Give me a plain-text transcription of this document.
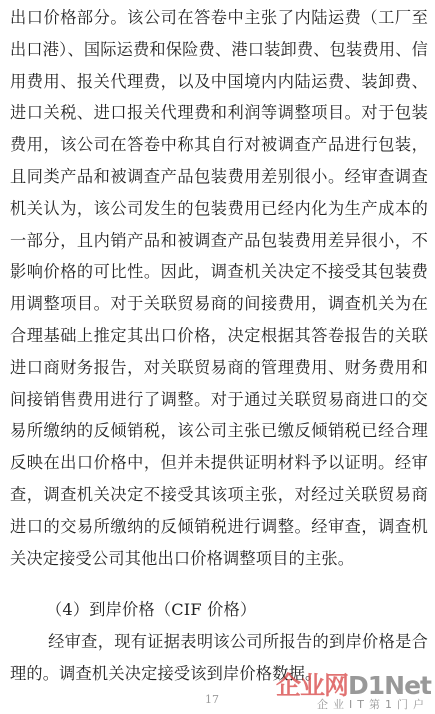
出口价格部分。该公司在答卷中主张了内陆运费（工厂至出口港）、国际运费和保险费、港口装卸费、包装费用、信用费用、报关代理费，以及中国境内内陆运费、装卸费、进口关税、进口报关代理费和利润等调整项目。对于包装费用，该公司在答卷中称其自行对被调查产品进行包装，且同类产品和被调查产品包装费用差别很小。经审查调查机关认为，该公司发生的包装费用已经内化为生产成本的一部分，且内销产品和被调查产品包装费用差异很小，不影响价格的可比性。因此，调查机关决定不接受其包装费用调整项目。对于关联贸易商的间接费用，调查机关为在合理基础上推定其出口价格，决定根据其答卷报告的关联进口商财务报告，对关联贸易商的管理费用、财务费用和间接销售费用进行了调整。对于通过关联贸易商进口的交易所缴纳的反倾销税，该公司主张已缴反倾销税已经合理反映在出口价格中，但并未提供证明材料予以证明。经审查，调查机关决定不接受其该项主张，对经过关联贸易商进口的交易所缴纳的反倾销税进行调整。经审查，调查机关决定接受公司其他出口价格调整项目的主张。

（4）到岸价格（CIF 价格）

经审查，现有证据表明该公司所报告的到岸价格是合理的。调查机关决定接受该到岸价格数据。

17 企业网D1Net
企业IT第1门户
